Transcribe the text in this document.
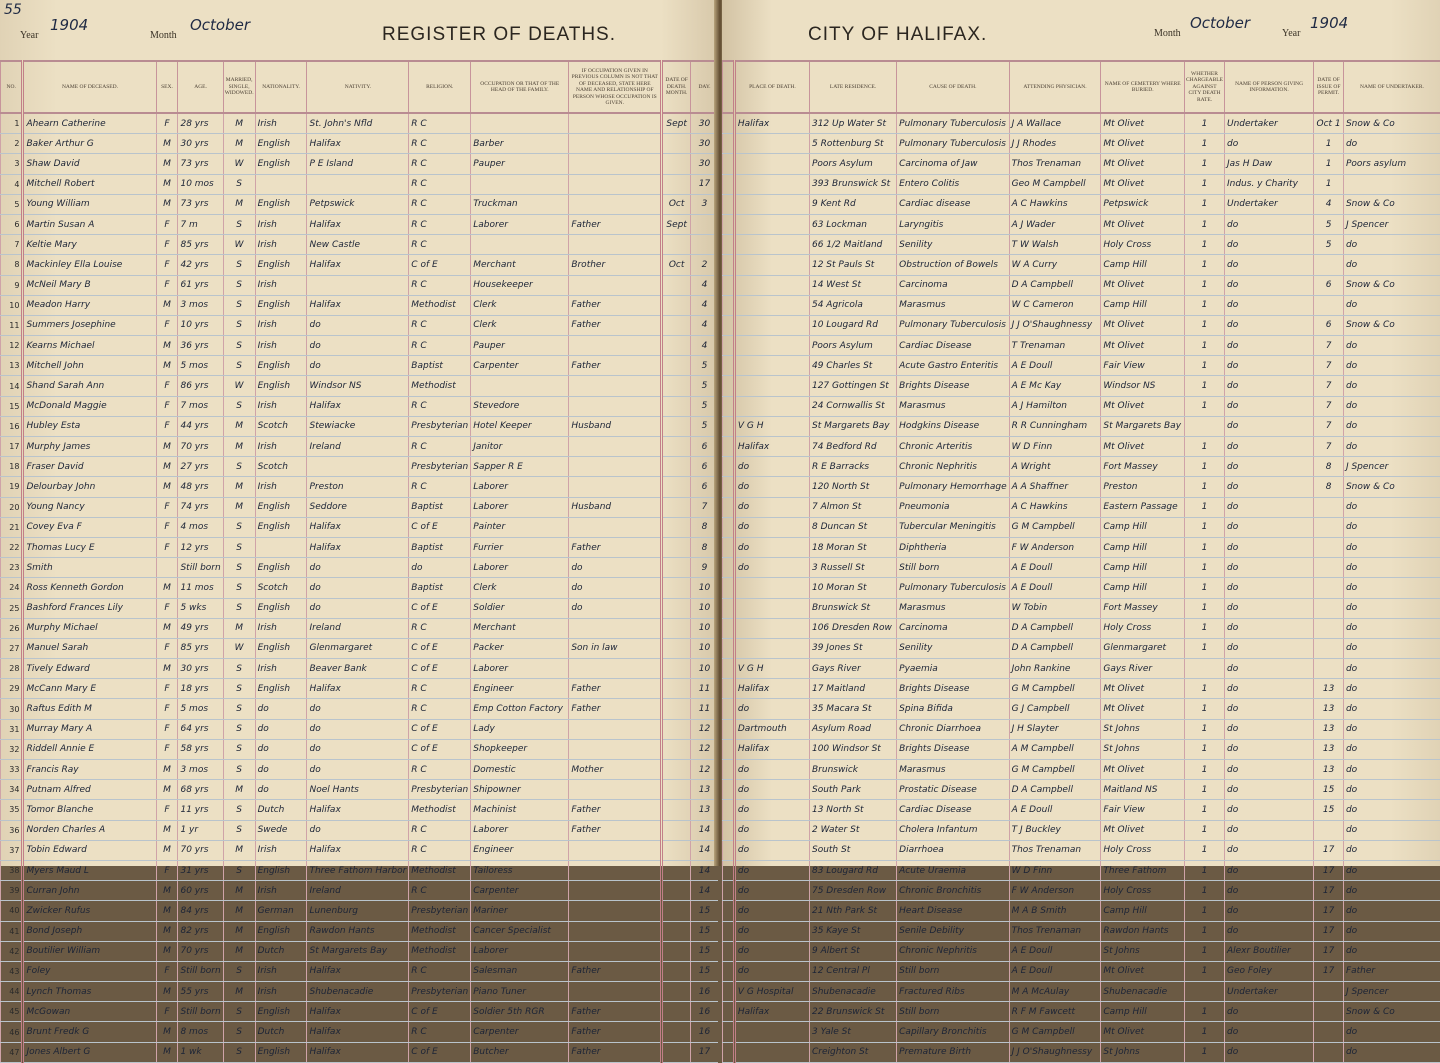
55
Year
1904
Month
October	REGISTER OF DEATHS.
NO.	NAME OF DECEASED.	SEX.	AGE.	MARRIED, SINGLE, WIDOWED.	NATIONALITY.	NATIVITY.	RELIGION.	OCCUPATION OR THAT OF THE HEAD OF THE FAMILY.	IF OCCUPATION GIVEN IN PREVIOUS COLUMN IS NOT THAT OF DECEASED, STATE HERE NAME AND RELATIONSHIP OF PERSON WHOSE OCCUPATION IS GIVEN.	DATE OF DEATH.
MONTH.	DAY.
1	Ahearn Catherine	F	28 yrs	M	Irish	St. John's Nfld	R C			Sept	30
2	Baker Arthur G	M	30 yrs	M	English	Halifax	R C	Barber			30
3	Shaw David	M	73 yrs	W	English	P E Island	R C	Pauper			30
4	Mitchell Robert	M	10 mos	S			R C				17
5	Young William	M	73 yrs	M	English	Petpswick	R C	Truckman		Oct	3
6	Martin Susan A	F	7 m	S	Irish	Halifax	R C	Laborer	Father	Sept	
7	Keltie Mary	F	85 yrs	W	Irish	New Castle	R C				
8	Mackinley Ella Louise	F	42 yrs	S	English	Halifax	C of E	Merchant	Brother	Oct	2
9	McNeil Mary B	F	61 yrs	S	Irish		R C	Housekeeper			4
10	Meadon Harry	M	3 mos	S	English	Halifax	Methodist	Clerk	Father		4
11	Summers Josephine	F	10 yrs	S	Irish	do	R C	Clerk	Father		4
12	Kearns Michael	M	36 yrs	S	Irish	do	R C	Pauper			4
13	Mitchell John	M	5 mos	S	English	do	Baptist	Carpenter	Father		5
14	Shand Sarah Ann	F	86 yrs	W	English	Windsor NS	Methodist				5
15	McDonald Maggie	F	7 mos	S	Irish	Halifax	R C	Stevedore			5
16	Hubley Esta	F	44 yrs	M	Scotch	Stewiacke	Presbyterian	Hotel Keeper	Husband		5
17	Murphy James	M	70 yrs	M	Irish	Ireland	R C	Janitor			6
18	Fraser David	M	27 yrs	S	Scotch		Presbyterian	Sapper R E			6
19	Delourbay John	M	48 yrs	M	Irish	Preston	R C	Laborer			6
20	Young Nancy	F	74 yrs	M	English	Seddore	Baptist	Laborer	Husband		7
21	Covey Eva F	F	4 mos	S	English	Halifax	C of E	Painter			8
22	Thomas Lucy E	F	12 yrs	S		Halifax	Baptist	Furrier	Father		8
23	Smith		Still born	S	English	do	do	Laborer	do		9
24	Ross Kenneth Gordon	M	11 mos	S	Scotch	do	Baptist	Clerk	do		10
25	Bashford Frances Lily	F	5 wks	S	English	do	C of E	Soldier	do		10
26	Murphy Michael	M	49 yrs	M	Irish	Ireland	R C	Merchant			10
27	Manuel Sarah	F	85 yrs	W	English	Glenmargaret	C of E	Packer	Son in law		10
28	Tively Edward	M	30 yrs	S	Irish	Beaver Bank	C of E	Laborer			10
29	McCann Mary E	F	18 yrs	S	English	Halifax	R C	Engineer	Father		11
30	Raftus Edith M	F	5 mos	S	do	do	R C	Emp Cotton Factory	Father		11
31	Murray Mary A	F	64 yrs	S	do	do	C of E	Lady			12
32	Riddell Annie E	F	58 yrs	S	do	do	C of E	Shopkeeper			12
33	Francis Ray	M	3 mos	S	do	do	R C	Domestic	Mother		12
34	Putnam Alfred	M	68 yrs	M	do	Noel Hants	Presbyterian	Shipowner			13
35	Tomor Blanche	F	11 yrs	S	Dutch	Halifax	Methodist	Machinist	Father		13
36	Norden Charles A	M	1 yr	S	Swede	do	R C	Laborer	Father		14
37	Tobin Edward	M	70 yrs	M	Irish	Halifax	R C	Engineer			14
38	Myers Maud L	F	31 yrs	S	English	Three Fathom Harbor	Methodist	Tailoress			14
39	Curran John	M	60 yrs	M	Irish	Ireland	R C	Carpenter			14
40	Zwicker Rufus	M	84 yrs	M	German	Lunenburg	Presbyterian	Mariner			15
41	Bond Joseph	M	82 yrs	M	English	Rawdon Hants	Methodist	Cancer Specialist			15
42	Boutilier William	M	70 yrs	M	Dutch	St Margarets Bay	Methodist	Laborer			15
43	Foley	F	Still born	S	Irish	Halifax	R C	Salesman	Father		15
44	Lynch Thomas	M	55 yrs	M	Irish	Shubenacadie	Presbyterian	Piano Tuner			16
45	McGowan	F	Still born	S	English	Halifax	C of E	Soldier 5th RGR	Father		16
46	Brunt Fredk G	M	8 mos	S	Dutch	Halifax	R C	Carpenter	Father		16
47	Jones Albert G	M	1 wk	S	English	Halifax	C of E	Butcher	Father		17
CITY OF HALIFAX.	Month
October
Year
1904
	PLACE OF DEATH.	LATE RESIDENCE.	CAUSE OF DEATH.	ATTENDING PHYSICIAN.	NAME OF CEMETERY WHERE BURIED.	WHETHER CHARGEABLE AGAINST CITY DEATH RATE.	NAME OF PERSON GIVING INFORMATION.	DATE OF ISSUE OF PERMIT.	NAME OF UNDERTAKER.
	Halifax	312 Up Water St	Pulmonary Tuberculosis	J A Wallace	Mt Olivet	1	Undertaker	Oct 1	Snow & Co
		5 Rottenburg St	Pulmonary Tuberculosis	J J Rhodes	Mt Olivet	1	do	1	do
		Poors Asylum	Carcinoma of Jaw	Thos Trenaman	Mt Olivet	1	Jas H Daw	1	Poors asylum
		393 Brunswick St	Entero Colitis	Geo M Campbell	Mt Olivet	1	Indus. y Charity	1	
		9 Kent Rd	Cardiac disease	A C Hawkins	Petpswick	1	Undertaker	4	Snow & Co
		63 Lockman	Laryngitis	A J Wader	Mt Olivet	1	do	5	J Spencer
		66 1/2 Maitland	Senility	T W Walsh	Holy Cross	1	do	5	do
		12 St Pauls St	Obstruction of Bowels	W A Curry	Camp Hill	1	do		do
		14 West St	Carcinoma	D A Campbell	Mt Olivet	1	do	6	Snow & Co
		54 Agricola	Marasmus	W C Cameron	Camp Hill	1	do		do
		10 Lougard Rd	Pulmonary Tuberculosis	J J O'Shaughnessy	Mt Olivet	1	do	6	Snow & Co
		Poors Asylum	Cardiac Disease	T Trenaman	Mt Olivet	1	do	7	do
		49 Charles St	Acute Gastro Enteritis	A E Doull	Fair View	1	do	7	do
		127 Gottingen St	Brights Disease	A E Mc Kay	Windsor NS	1	do	7	do
		24 Cornwallis St	Marasmus	A J Hamilton	Mt Olivet	1	do	7	do
	V G H	St Margarets Bay	Hodgkins Disease	R R Cunningham	St Margarets Bay		do	7	do
	Halifax	74 Bedford Rd	Chronic Arteritis	W D Finn	Mt Olivet	1	do	7	do
	do	R E Barracks	Chronic Nephritis	A Wright	Fort Massey	1	do	8	J Spencer
	do	120 North St	Pulmonary Hemorrhage	A A Shaffner	Preston	1	do	8	Snow & Co
	do	7 Almon St	Pneumonia	A C Hawkins	Eastern Passage	1	do		do
	do	8 Duncan St	Tubercular Meningitis	G M Campbell	Camp Hill	1	do		do
	do	18 Moran St	Diphtheria	F W Anderson	Camp Hill	1	do		do
	do	3 Russell St	Still born	A E Doull	Camp Hill	1	do		do
		10 Moran St	Pulmonary Tuberculosis	A E Doull	Camp Hill	1	do		do
		Brunswick St	Marasmus	W Tobin	Fort Massey	1	do		do
		106 Dresden Row	Carcinoma	D A Campbell	Holy Cross	1	do		do
		39 Jones St	Senility	D A Campbell	Glenmargaret	1	do		do
	V G H	Gays River	Pyaemia	John Rankine	Gays River		do		do
	Halifax	17 Maitland	Brights Disease	G M Campbell	Mt Olivet	1	do	13	do
	do	35 Macara St	Spina Bifida	G J Campbell	Mt Olivet	1	do	13	do
	Dartmouth	Asylum Road	Chronic Diarrhoea	J H Slayter	St Johns	1	do	13	do
	Halifax	100 Windsor St	Brights Disease	A M Campbell	St Johns	1	do	13	do
	do	Brunswick	Marasmus	G M Campbell	Mt Olivet	1	do	13	do
	do	South Park	Prostatic Disease	D A Campbell	Maitland NS	1	do	15	do
	do	13 North St	Cardiac Disease	A E Doull	Fair View	1	do	15	do
	do	2 Water St	Cholera Infantum	T J Buckley	Mt Olivet	1	do		do
	do	South St	Diarrhoea	Thos Trenaman	Holy Cross	1	do	17	do
	do	83 Lougard Rd	Acute Uraemia	W D Finn	Three Fathom	1	do	17	do
	do	75 Dresden Row	Chronic Bronchitis	F W Anderson	Holy Cross	1	do	17	do
	do	21 Nth Park St	Heart Disease	M A B Smith	Camp Hill	1	do	17	do
	do	35 Kaye St	Senile Debility	Thos Trenaman	Rawdon Hants	1	do	17	do
	do	9 Albert St	Chronic Nephritis	A E Doull	St Johns	1	Alexr Boutilier	17	do
	do	12 Central Pl	Still born	A E Doull	Mt Olivet	1	Geo Foley	17	Father
	V G Hospital	Shubenacadie	Fractured Ribs	M A McAulay	Shubenacadie		Undertaker		J Spencer
	Halifax	22 Brunswick St	Still born	R F M Fawcett	Camp Hill	1	do		Snow & Co
		3 Yale St	Capillary Bronchitis	G M Campbell	Mt Olivet	1	do		do
		Creighton St	Premature Birth	J J O'Shaughnessy	St Johns	1	do		do
